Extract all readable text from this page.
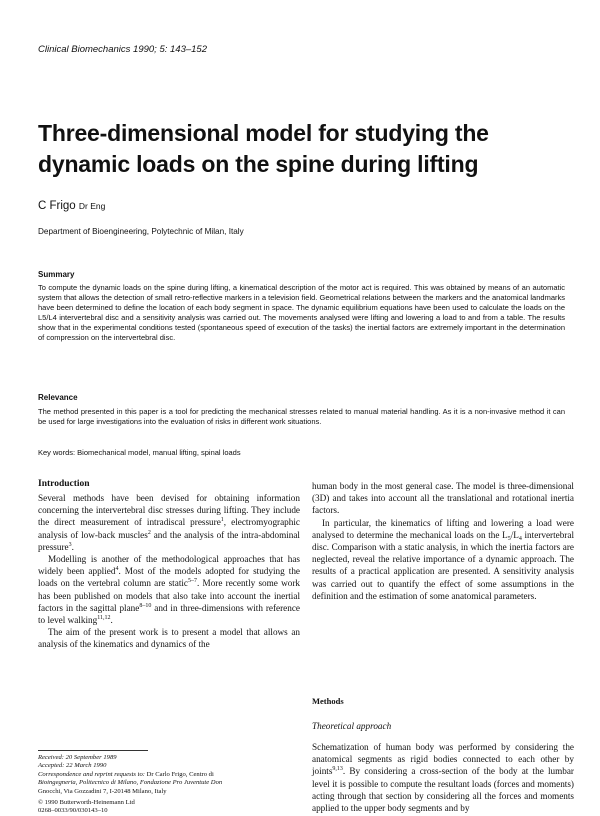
Clinical Biomechanics 1990; 5: 143–152
Three-dimensional model for studying the dynamic loads on the spine during lifting
C Frigo Dr Eng
Department of Bioengineering, Polytechnic of Milan, Italy
Summary
To compute the dynamic loads on the spine during lifting, a kinematical description of the motor act is required. This was obtained by means of an automatic system that allows the detection of small retro-reflective markers in a television field. Geometrical relations between the markers and the anatomical landmarks have been determined to define the location of each body segment in space. The dynamic equilibrium equations have been used to calculate the loads on the L5/L4 intervertebral disc and a sensitivity analysis was carried out. The movements analysed were lifting and lowering a load to and from a table. The results show that in the experimental conditions tested (spontaneous speed of execution of the tasks) the inertial factors are extremely important in the determination of compression on the intervertebral disc.
Relevance
The method presented in this paper is a tool for predicting the mechanical stresses related to manual material handling. As it is a non-invasive method it can be used for large investigations into the evaluation of risks in different work situations.
Key words: Biomechanical model, manual lifting, spinal loads
Introduction

Several methods have been devised for obtaining information concerning the intervertebral disc stresses during lifting. They include the direct measurement of intradiscal pressure$^1$, electromyographic analysis of low-back muscles$^2$ and the analysis of the intra-abdominal pressure$^3$.

Modelling is another of the methodological approaches that has widely been applied$^4$. Most of the models adopted for studying the loads on the vertebral column are static$^{5-7}$. More recently some work has been published on models that also take into account the inertial factors in the sagittal plane$^{8-10}$ and in three-dimensions with reference to level walking$^{11,12}$.

The aim of the present work is to present a model that allows an analysis of the kinematics and dynamics of the

Received: 20 September 1989
Accepted: 22 March 1990
Correspondence and reprint requests to: Dr Carlo Frigo, Centro di
Bioingegneria, Politecnico di Milano, Fondazione Pro Juventute Don
Gnocchi, Via Gozzadini 7, I-20148 Milano, Italy
© 1990 Butterworth-Heinemann Ltd
0268–0033/90/030143–10

human body in the most general case. The model is three-dimensional (3D) and takes into account all the translational and rotational inertia factors.

In particular, the kinematics of lifting and lowering a load were analysed to determine the mechanical loads on the $L_5/L_4$ intervertebral disc. Comparison with a static analysis, in which the inertia factors are neglected, reveal the relative importance of a dynamic approach. The results of a practical application are presented. A sensitivity analysis was carried out to quantify the effect of some assumptions in the definition and the estimation of some anatomical parameters.

Methods
Theoretical approach
Schematization of human body was performed by considering the anatomical segments as rigid bodies connected to each other by joints$^{9,13}$. By considering a cross-section of the body at the lumbar level it is possible to compute the resultant loads (forces and moments) acting through that section by considering all the forces and moments applied to the upper body segments and by
